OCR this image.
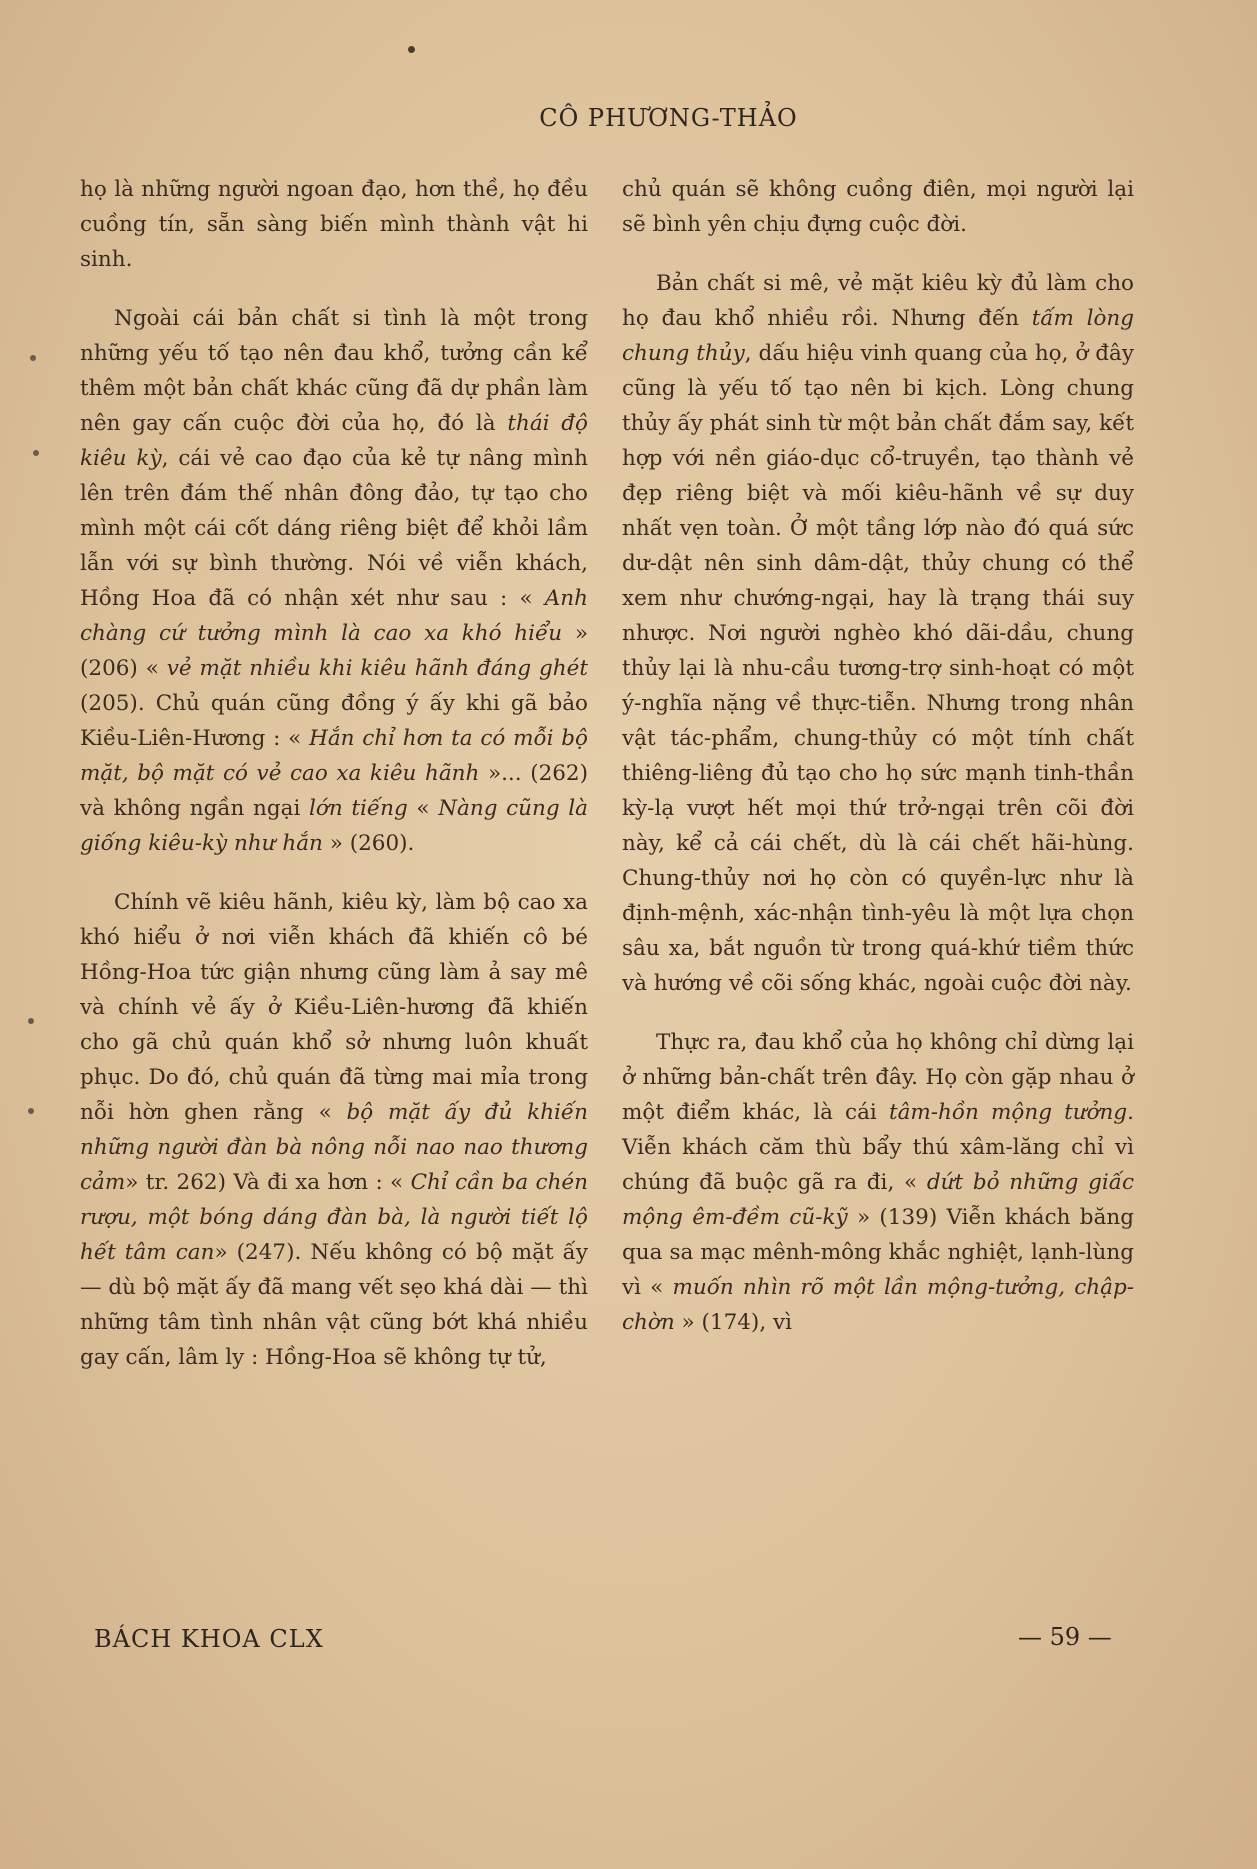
CÔ PHƯƠNG-THẢO

họ là những người ngoan đạo, hơn thề, họ đều cuồng tín, sẵn sàng biến mình thành vật hi sinh.

Ngoài cái bản chất si tình là một trong những yếu tố tạo nên đau khổ, tưởng cần kể thêm một bản chất khác cũng đã dự phần làm nên gay cấn cuộc đời của họ, đó là thái độ kiêu kỳ, cái vẻ cao đạo của kẻ tự nâng mình lên trên đám thế nhân đông đảo, tự tạo cho mình một cái cốt dáng riêng biệt để khỏi lầm lẫn với sự bình thường. Nói về viễn khách, Hồng Hoa đã có nhận xét như sau : « Anh chàng cứ tưởng mình là cao xa khó hiểu » (206) « vẻ mặt nhiều khi kiêu hãnh đáng ghét (205). Chủ quán cũng đồng ý ấy khi gã bảo Kiều-Liên-Hương : « Hắn chỉ hơn ta có mỗi bộ mặt, bộ mặt có vẻ cao xa kiêu hãnh »... (262) và không ngần ngại lớn tiếng « Nàng cũng là giống kiêu-kỳ như hắn » (260).

Chính vẽ kiêu hãnh, kiêu kỳ, làm bộ cao xa khó hiểu ở nơi viễn khách đã khiến cô bé Hồng-Hoa tức giận nhưng cũng làm ả say mê và chính vẻ ấy ở Kiều-Liên-hương đã khiến cho gã chủ quán khổ sở nhưng luôn khuất phục. Do đó, chủ quán đã từng mai mỉa trong nỗi hờn ghen rằng « bộ mặt ấy đủ khiến những người đàn bà nông nỗi nao nao thương cảm» tr. 262) Và đi xa hơn : « Chỉ cần ba chén rượu, một bóng dáng đàn bà, là người tiết lộ hết tâm can» (247). Nếu không có bộ mặt ấy — dù bộ mặt ấy đã mang vết sẹo khá dài — thì những tâm tình nhân vật cũng bớt khá nhiều gay cấn, lâm ly : Hồng-Hoa sẽ không tự tử,

chủ quán sẽ không cuồng điên, mọi người lại sẽ bình yên chịu đựng cuộc đời.

Bản chất si mê, vẻ mặt kiêu kỳ đủ làm cho họ đau khổ nhiều rồi. Nhưng đến tấm lòng chung thủy, dấu hiệu vinh quang của họ, ở đây cũng là yếu tố tạo nên bi kịch. Lòng chung thủy ấy phát sinh từ một bản chất đắm say, kết hợp với nền giáo-dục cổ-truyền, tạo thành vẻ đẹp riêng biệt và mối kiêu-hãnh về sự duy nhất vẹn toàn. Ở một tầng lớp nào đó quá sức dư-dật nên sinh dâm-dật, thủy chung có thể xem như chướng-ngại, hay là trạng thái suy nhược. Nơi người nghèo khó dãi-dầu, chung thủy lại là nhu-cầu tương-trợ sinh-hoạt có một ý-nghĩa nặng về thực-tiễn. Nhưng trong nhân vật tác-phẩm, chung-thủy có một tính chất thiêng-liêng đủ tạo cho họ sức mạnh tinh-thần kỳ-lạ vượt hết mọi thứ trở-ngại trên cõi đời này, kể cả cái chết, dù là cái chết hãi-hùng. Chung-thủy nơi họ còn có quyền-lực như là định-mệnh, xác-nhận tình-yêu là một lựa chọn sâu xa, bắt nguồn từ trong quá-khứ tiềm thức và hướng về cõi sống khác, ngoài cuộc đời này.

Thực ra, đau khổ của họ không chỉ dừng lại ở những bản-chất trên đây. Họ còn gặp nhau ở một điểm khác, là cái tâm-hồn mộng tưởng. Viễn khách căm thù bẩy thú xâm-lăng chỉ vì chúng đã buộc gã ra đi, « dứt bỏ những giấc mộng êm-đềm cũ-kỹ » (139) Viễn khách băng qua sa mạc mênh-mông khắc nghiệt, lạnh-lùng vì « muốn nhìn rõ một lần mộng-tưởng, chập-chờn » (174), vì

BÁCH KHOA CLX	— 59 —
